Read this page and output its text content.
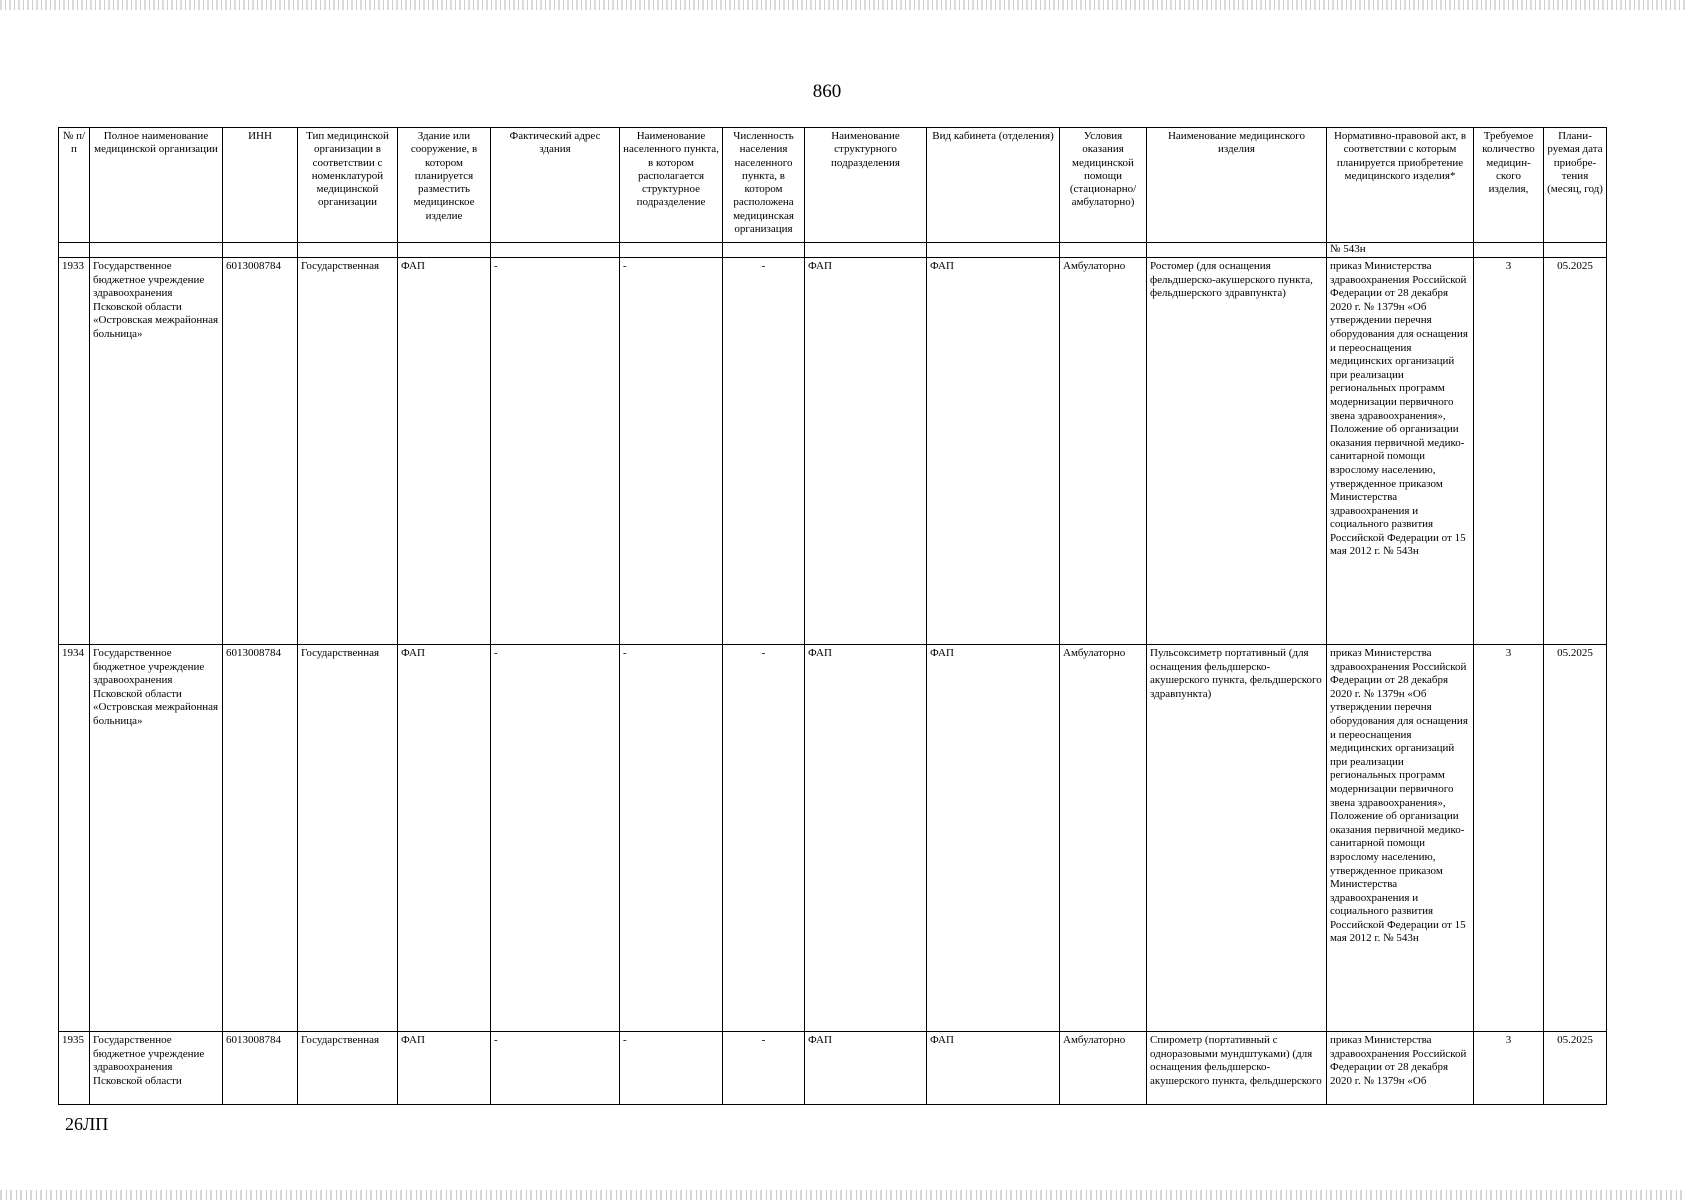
860
№ п/п	Полное наименование медицинской организации	ИНН	Тип медицинской организации в соответствии с номенклатурой медицинской организации	Здание или сооружение, в котором планируется разместить медицинское изделие	Фактический адрес здания	Наименование населенного пункта, в котором располагается структурное подразделение	Численность населения населенного пункта, в котором расположена медицинская организация	Наименование структурного подразделения	Вид кабинета (отделения)	Условия оказания медицинской помощи (стационарно/ амбулаторно)	Наименование медицинского изделия	Нормативно-правовой акт, в соответствии с которым планируется приобретение медицинского изделия*	Требуемое количество медицин-ского изделия,	Плани-руемая дата приобре-тения (месяц, год)
												№ 543н		
1933	Государственное бюджетное учреждение здравоохранения Псковской области «Островская межрайонная больница»	6013008784	Государственная	ФАП	-	-	-	ФАП	ФАП	Амбулаторно	Ростомер (для оснащения фельдшерско-акушерского пункта, фельдшерского здравпункта)	приказ Министерства здравоохранения Российской Федерации от 28 декабря 2020 г. № 1379н «Об утверждении перечня оборудования для оснащения и переоснащения медицинских организаций при реализации региональных программ модернизации первичного звена здравоохранения», Положение об организации оказания первичной медико-санитарной помощи взрослому населению, утвержденное приказом Министерства здравоохранения и социального развития Российской Федерации от 15 мая 2012 г. № 543н	3	05.2025
1934	Государственное бюджетное учреждение здравоохранения Псковской области «Островская межрайонная больница»	6013008784	Государственная	ФАП	-	-	-	ФАП	ФАП	Амбулаторно	Пульсоксиметр портативный (для оснащения фельдшерско-акушерского пункта, фельдшерского здравпункта)	приказ Министерства здравоохранения Российской Федерации от 28 декабря 2020 г. № 1379н «Об утверждении перечня оборудования для оснащения и переоснащения медицинских организаций при реализации региональных программ модернизации первичного звена здравоохранения», Положение об организации оказания первичной медико-санитарной помощи взрослому населению, утвержденное приказом Министерства здравоохранения и социального развития Российской Федерации от 15 мая 2012 г. № 543н	3	05.2025
1935	Государственное бюджетное учреждение здравоохранения Псковской области	6013008784	Государственная	ФАП	-	-	-	ФАП	ФАП	Амбулаторно	Спирометр (портативный с одноразовыми мундштуками) (для оснащения фельдшерско-акушерского пункта, фельдшерского	приказ Министерства здравоохранения Российской Федерации от 28 декабря 2020 г. № 1379н «Об	3	05.2025
26ЛП
